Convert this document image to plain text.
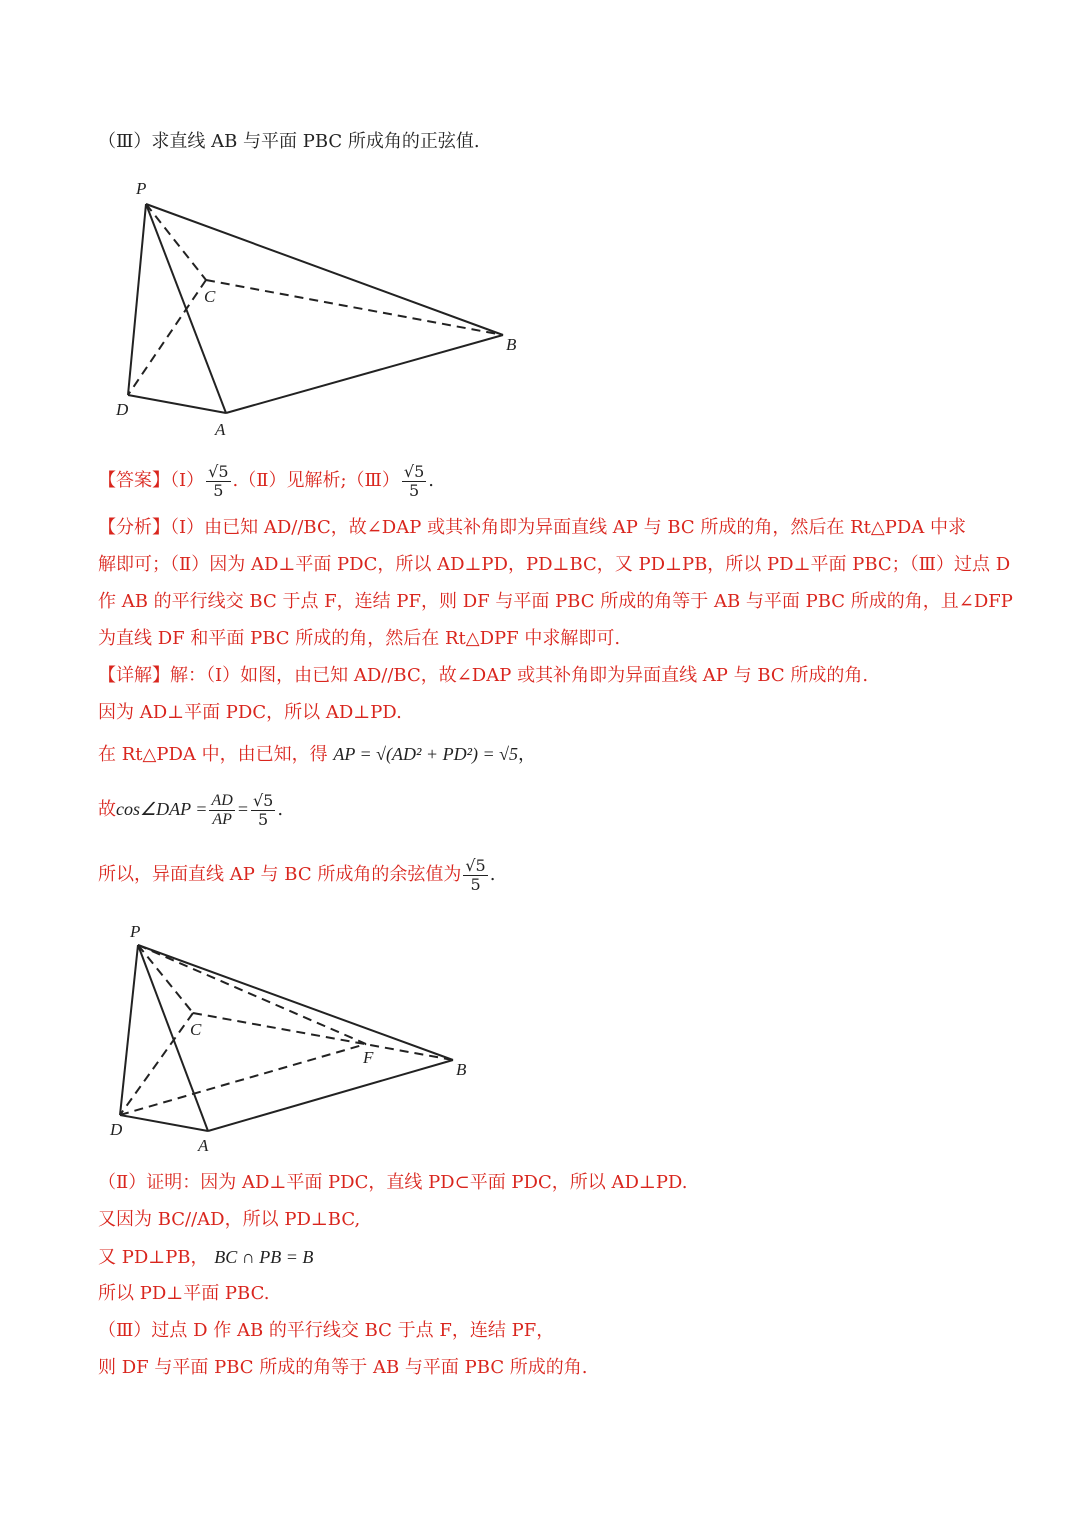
（Ⅲ）求直线 AB 与平面 PBC 所成角的正弦值.
P
C
B
D
A
【答案】（Ⅰ） $\frac{√5}{5}$ .（Ⅱ）见解析;（Ⅲ） $\frac{√5}{5}$ .
【分析】（Ⅰ）由已知 AD//BC，故∠DAP 或其补角即为异面直线 AP 与 BC 所成的角，然后在 Rt△PDA 中求
解即可；（Ⅱ）因为 AD⊥平面 PDC，所以 AD⊥PD，PD⊥BC，又 PD⊥PB，所以 PD⊥平面 PBC；（Ⅲ）过点 D
作 AB 的平行线交 BC 于点 F，连结 PF，则 DF 与平面 PBC 所成的角等于 AB 与平面 PBC 所成的角，且∠DFP
为直线 DF 和平面 PBC 所成的角，然后在 Rt△DPF 中求解即可.
【详解】解：（Ⅰ）如图，由已知 AD//BC，故∠DAP 或其补角即为异面直线 AP 与 BC 所成的角.
因为 AD⊥平面 PDC，所以 AD⊥PD.
在 Rt△PDA 中，由已知，得 AP = √(AD² + PD²) = √5，
故cos∠DAP = $\frac{AD}{AP} = \frac{√5}{5}$ .
所以，异面直线 AP 与 BC 所成角的余弦值为 $\frac{√5}{5}$ .
P
C
F
B
D
A
（Ⅱ）证明：因为 AD⊥平面 PDC，直线 PD⊂平面 PDC，所以 AD⊥PD.
又因为 BC//AD，所以 PD⊥BC,
又 PD⊥PB， BC ∩ PB = B
所以 PD⊥平面 PBC.
（Ⅲ）过点 D 作 AB 的平行线交 BC 于点 F，连结 PF，
则 DF 与平面 PBC 所成的角等于 AB 与平面 PBC 所成的角.
